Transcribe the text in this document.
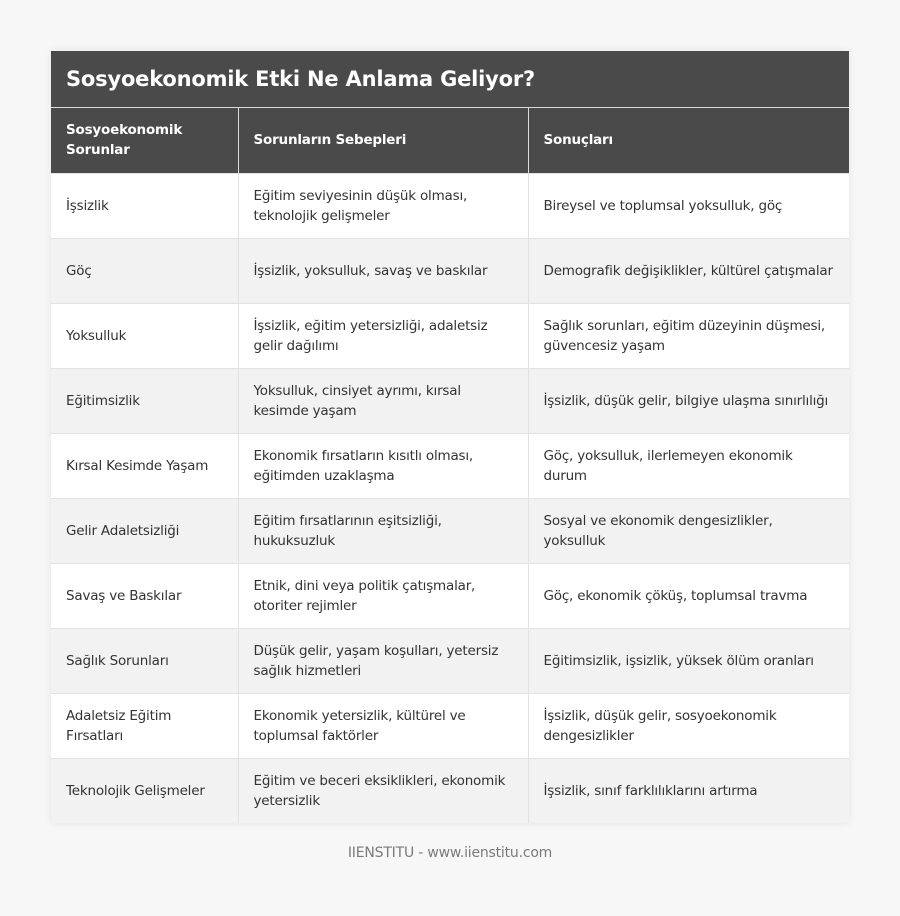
Sosyoekonomik Etki Ne Anlama Geliyor?
Sosyoekonomik Sorunlar	Sorunların Sebepleri	Sonuçları
İşsizlik	Eğitim seviyesinin düşük olması, teknolojik gelişmeler	Bireysel ve toplumsal yoksulluk, göç
Göç	İşsizlik, yoksulluk, savaş ve baskılar	Demografik değişiklikler, kültürel çatışmalar
Yoksulluk	İşsizlik, eğitim yetersizliği, adaletsiz gelir dağılımı	Sağlık sorunları, eğitim düzeyinin düşmesi, güvencesiz yaşam
Eğitimsizlik	Yoksulluk, cinsiyet ayrımı, kırsal kesimde yaşam	İşsizlik, düşük gelir, bilgiye ulaşma sınırlılığı
Kırsal Kesimde Yaşam	Ekonomik fırsatların kısıtlı olması, eğitimden uzaklaşma	Göç, yoksulluk, ilerlemeyen ekonomik durum
Gelir Adaletsizliği	Eğitim fırsatlarının eşitsizliği, hukuksuzluk	Sosyal ve ekonomik dengesizlikler, yoksulluk
Savaş ve Baskılar	Etnik, dini veya politik çatışmalar, otoriter rejimler	Göç, ekonomik çöküş, toplumsal travma
Sağlık Sorunları	Düşük gelir, yaşam koşulları, yetersiz sağlık hizmetleri	Eğitimsizlik, işsizlik, yüksek ölüm oranları
Adaletsiz Eğitim Fırsatları	Ekonomik yetersizlik, kültürel ve toplumsal faktörler	İşsizlik, düşük gelir, sosyoekonomik dengesizlikler
Teknolojik Gelişmeler	Eğitim ve beceri eksiklikleri, ekonomik yetersizlik	İşsizlik, sınıf farklılıklarını artırma
IIENSTITU - www.iienstitu.com
